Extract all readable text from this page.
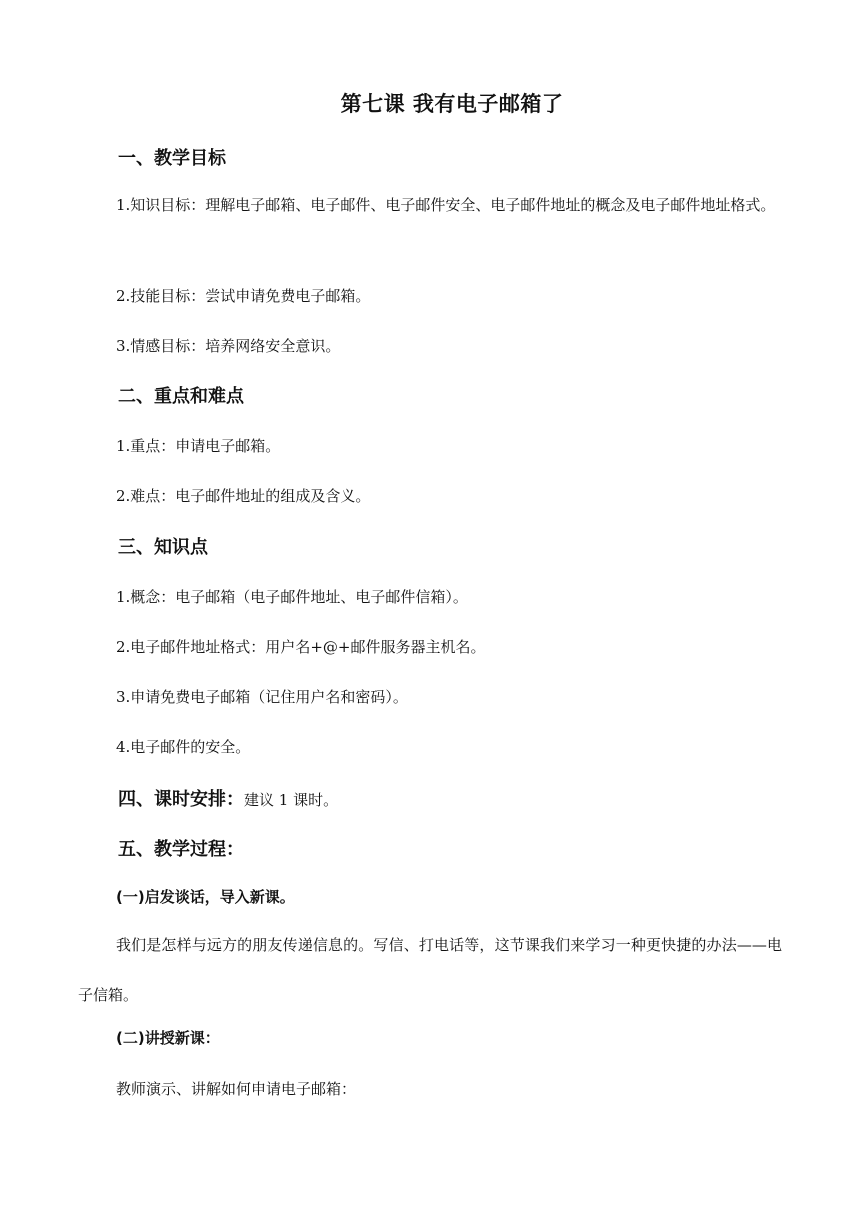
第七课 我有电子邮箱了
一、教学目标

1.知识目标：理解电子邮箱、电子邮件、电子邮件安全、电子邮件地址的概念及电子邮件地址格式。

2.技能目标：尝试申请免费电子邮箱。

3.情感目标：培养网络安全意识。

二、重点和难点

1.重点：申请电子邮箱。

2.难点：电子邮件地址的组成及含义。

三、知识点

1.概念：电子邮箱（电子邮件地址、电子邮件信箱）。

2.电子邮件地址格式：用户名+@+邮件服务器主机名。

3.申请免费电子邮箱（记住用户名和密码）。

4.电子邮件的安全。

四、课时安排：建议 1 课时。
五、教学过程：
(一)启发谈话，导入新课。

我们是怎样与远方的朋友传递信息的。写信、打电话等，这节课我们来学习一种更快捷的办法——电子信箱。

(二)讲授新课：

教师演示、讲解如何申请电子邮箱：
